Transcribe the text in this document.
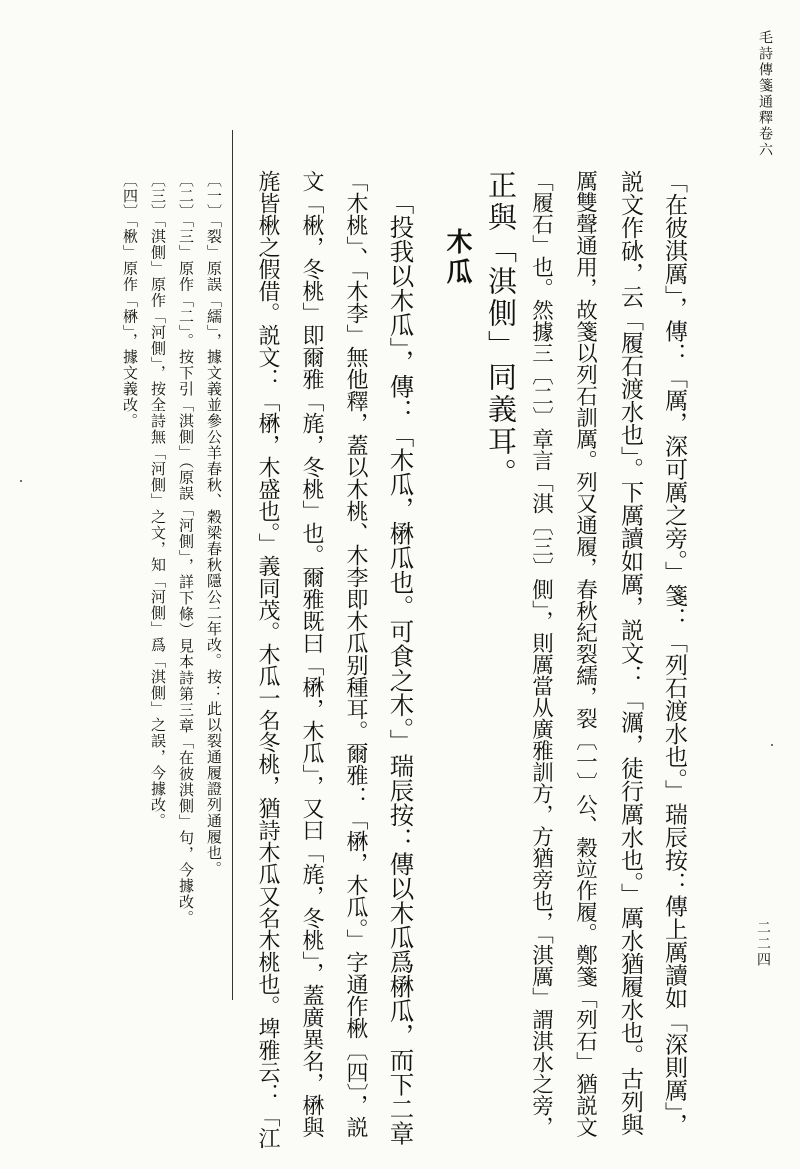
毛詩傳箋通釋卷六
二二四

「在彼淇厲」，傳：「厲，深可厲之旁。」箋：「列石渡水也。」瑞辰按：傳上厲讀如「深則厲」，

説文作砅，云「履石渡水也」。下厲讀如厲，説文：「濿，徒行厲水也。」厲水猶履水也。古列與

厲雙聲通用，故箋以列石訓厲。列又通履，春秋紀裂繻，裂〔一〕公、穀竝作履。鄭箋「列石」猶説文

「履石」也。然據三〔二〕章言「淇〔三〕側」，則厲當从廣雅訓方，方猶旁也，「淇厲」謂淇水之旁，

正與「淇側」同義耳。

木瓜

「投我以木瓜」，傳：「木瓜，楙瓜也。可食之木。」瑞辰按：傳以木瓜爲楙瓜，而下二章

「木桃」、「木李」無他釋，蓋以木桃、木李即木瓜别種耳。爾雅：「楙，木瓜。」字通作楸〔四〕，説

文「楸，冬桃」即爾雅「旄，冬桃」也。爾雅既曰「楙，木瓜」，又曰「旄，冬桃」，蓋廣異名，楙與

旄皆楸之假借。説文：「楙，木盛也。」義同茂。木瓜一名冬桃，猶詩木瓜又名木桃也。埤雅云：「江

〔一〕「裂」原誤「繻」，據文義並參公羊春秋、穀梁春秋隱公二年改。按：此以裂通履證列通履也。

〔二〕「三」原作「二」。按下引「淇側」（原誤「河側」，詳下條）見本詩第三章「在彼淇側」句，今據改。

〔三〕「淇側」原作「河側」，按全詩無「河側」之文，知「河側」爲「淇側」之誤，今據改。

〔四〕「楸」原作「楙」，據文義改。
